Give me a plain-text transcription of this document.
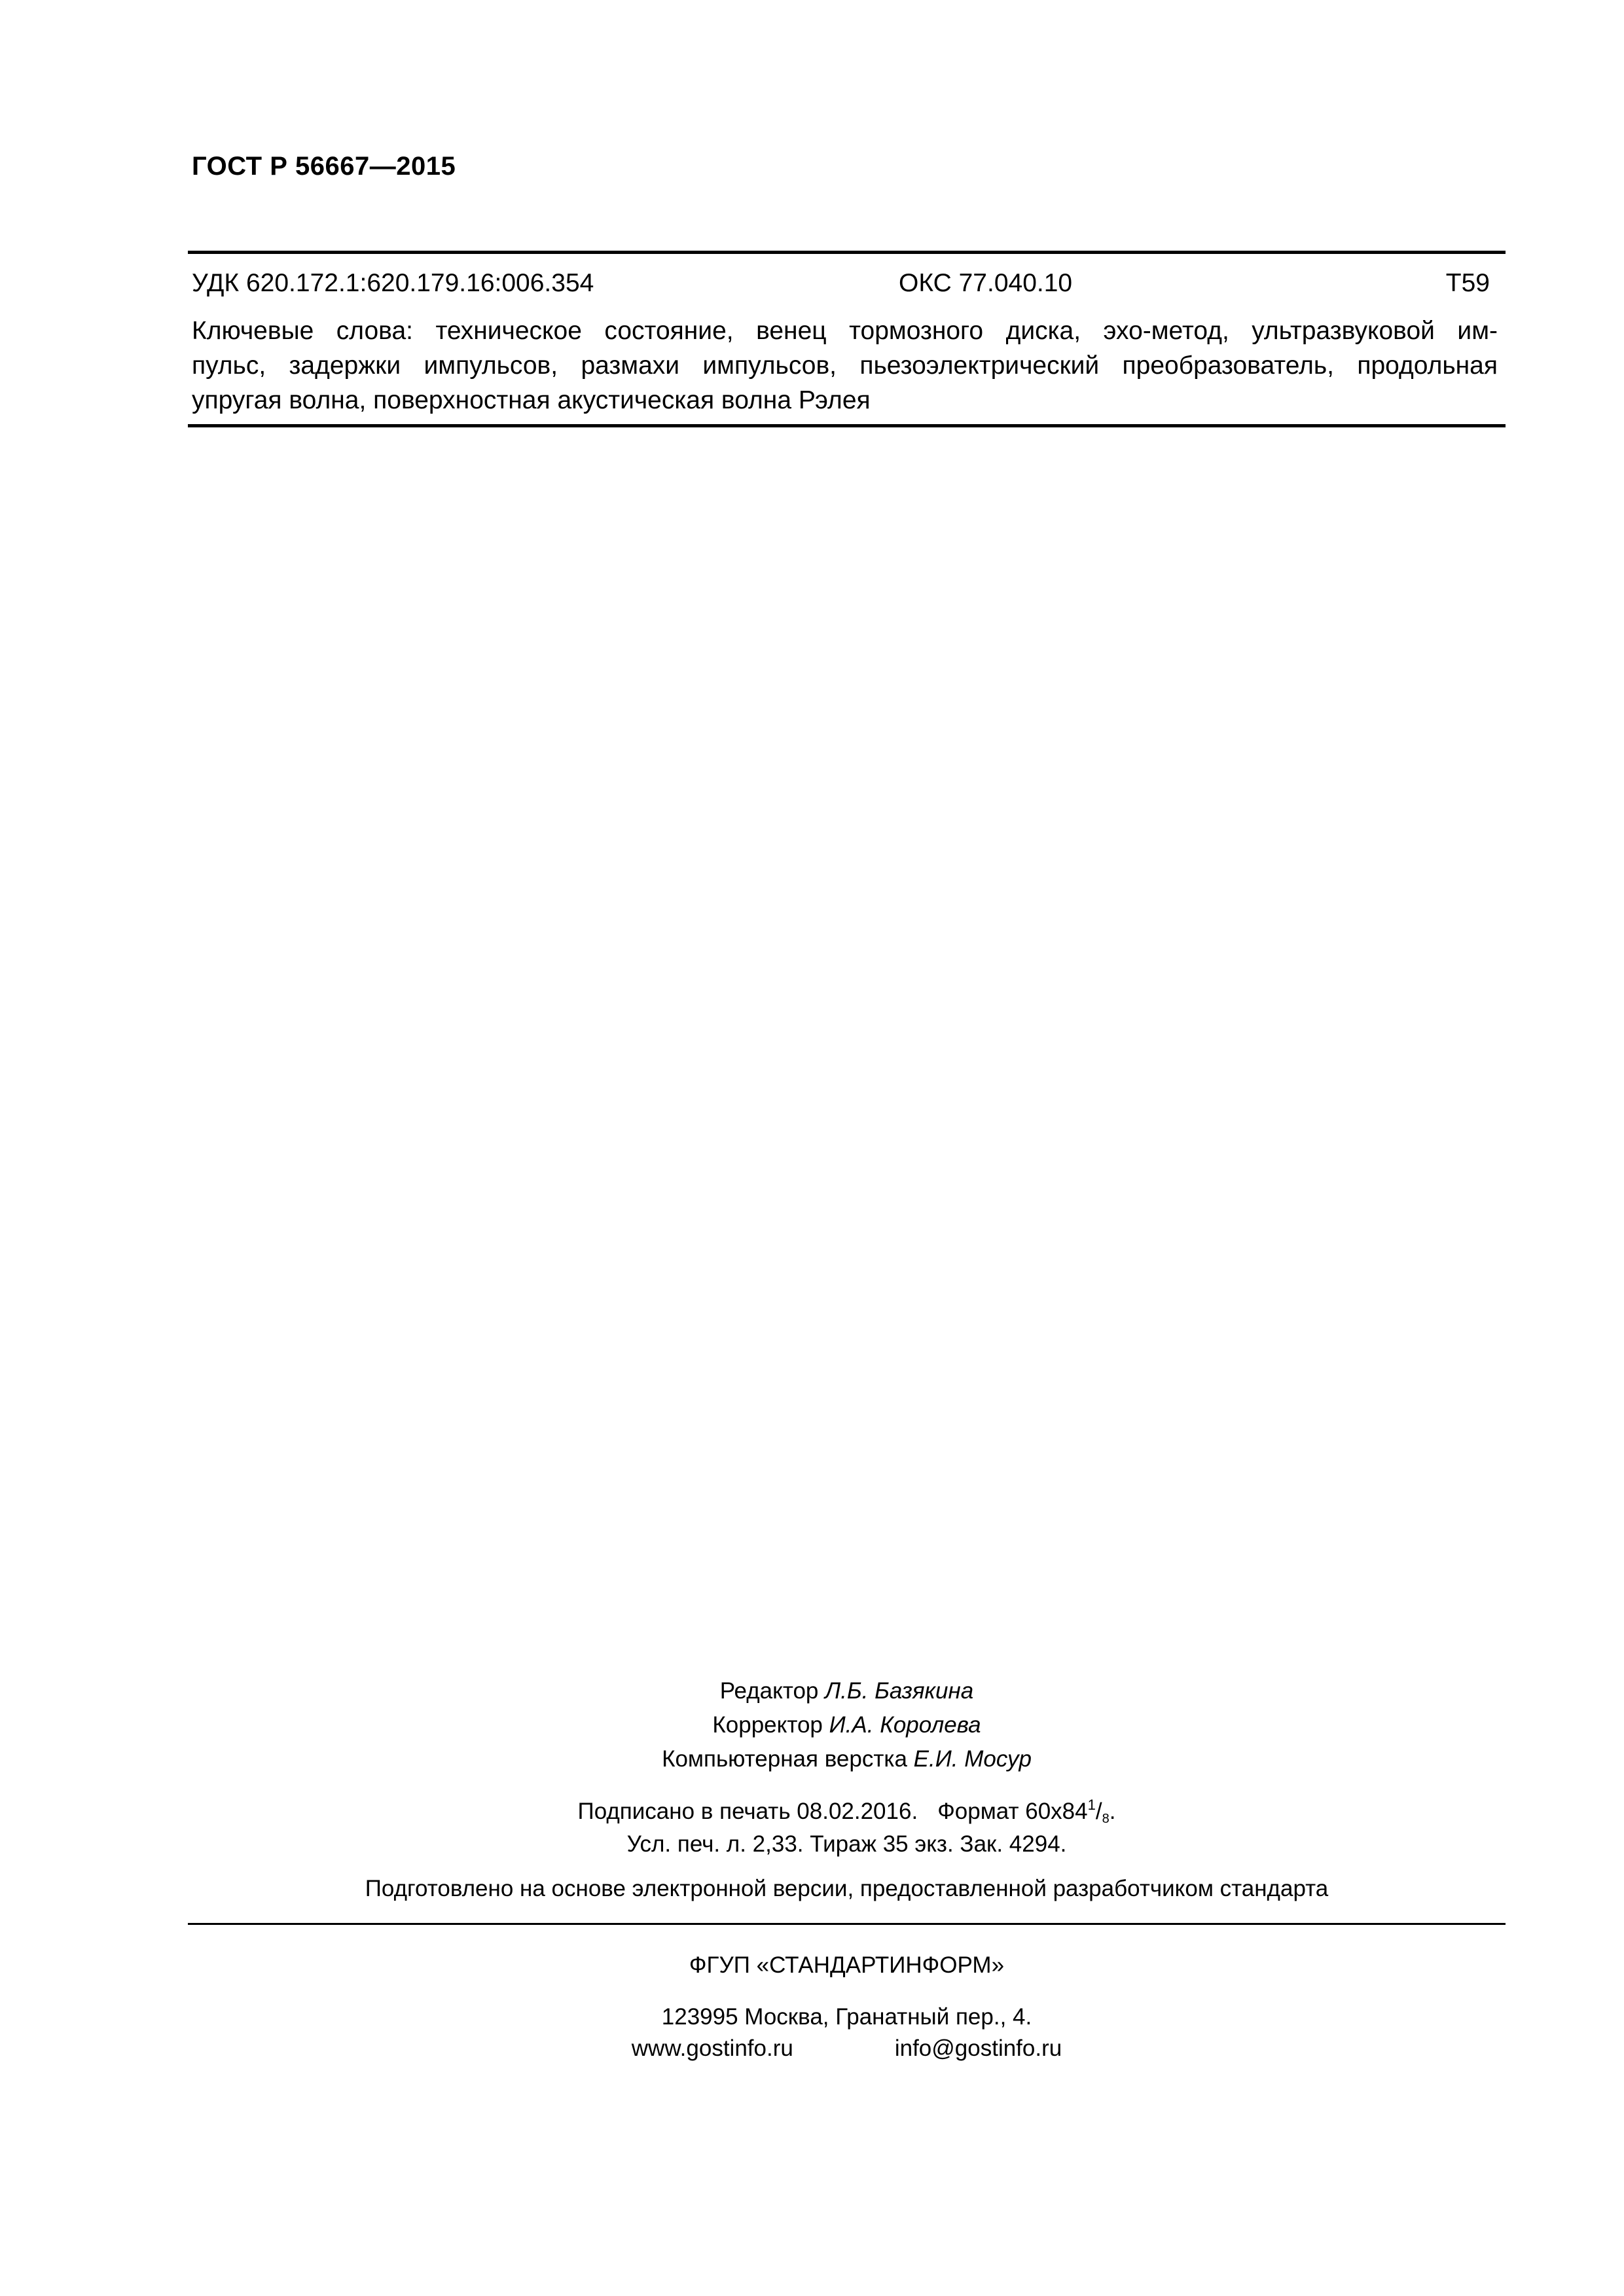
ГОСТ Р 56667—2015
УДК 620.172.1:620.179.16:006.354	ОКС 77.040.10	Т59
Ключевые слова: техническое состояние, венец тормозного диска, эхо-метод, ультразвуковой им-
пульс, задержки импульсов, размахи импульсов, пьезоэлектрический преобразователь, продольная
упругая волна, поверхностная акустическая волна Рэлея
Редактор Л.Б. Базякина
Корректор И.А. Королева
Компьютерная верстка Е.И. Мосур
Подписано в печать 08.02.2016. Формат $60х84^1/_8$.
Усл. печ. л. 2,33. Тираж 35 экз. Зак. 4294.
Подготовлено на основе электронной версии, предоставленной разработчиком стандарта
ФГУП «СТАНДАРТИНФОРМ»
123995 Москва, Гранатный пер., 4.
www.gostinfo.ru	info@gostinfo.ru
